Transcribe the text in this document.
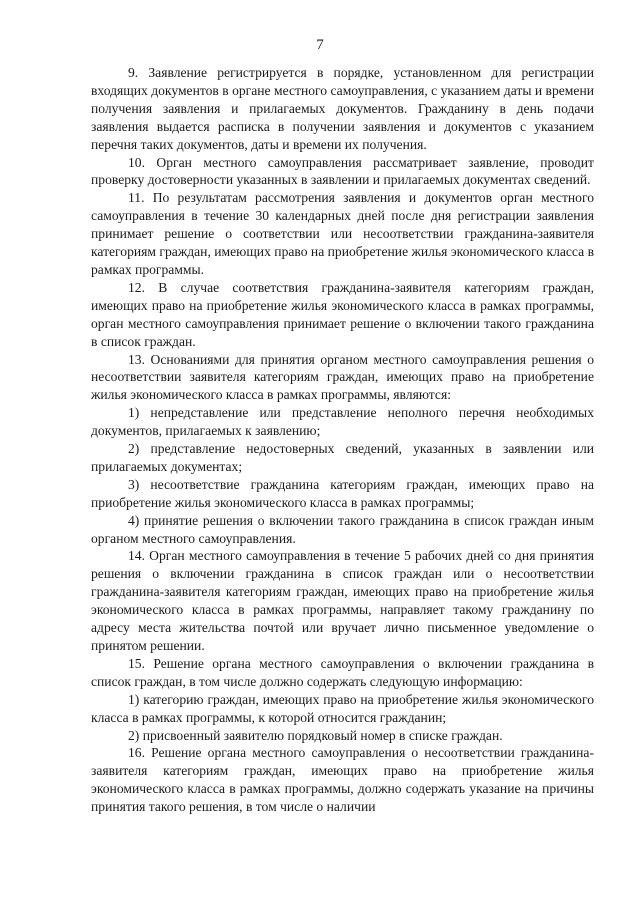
7

9. Заявление регистрируется в порядке, установленном для регистрации входящих документов в органе местного самоуправления, с указанием даты и времени получения заявления и прилагаемых документов. Гражданину в день подачи заявления выдается расписка в получении заявления и документов с указанием перечня таких документов, даты и времени их получения.

10. Орган местного самоуправления рассматривает заявление, проводит проверку достоверности указанных в заявлении и прилагаемых документах сведений.

11. По результатам рассмотрения заявления и документов орган местного самоуправления в течение 30 календарных дней после дня регистрации заявления принимает решение о соответствии или несоответствии гражданина-заявителя категориям граждан, имеющих право на приобретение жилья экономического класса в рамках программы.

12. В случае соответствия гражданина-заявителя категориям граждан, имеющих право на приобретение жилья экономического класса в рамках программы, орган местного самоуправления принимает решение о включении такого гражданина в список граждан.

13. Основаниями для принятия органом местного самоуправления решения о несоответствии заявителя категориям граждан, имеющих право на приобретение жилья экономического класса в рамках программы, являются:

1) непредставление или представление неполного перечня необходимых документов, прилагаемых к заявлению;

2) представление недостоверных сведений, указанных в заявлении или прилагаемых документах;

3) несоответствие гражданина категориям граждан, имеющих право на приобретение жилья экономического класса в рамках программы;

4) принятие решения о включении такого гражданина в список граждан иным органом местного самоуправления.

14. Орган местного самоуправления в течение 5 рабочих дней со дня принятия решения о включении гражданина в список граждан или о несоответствии гражданина-заявителя категориям граждан, имеющих право на приобретение жилья экономического класса в рамках программы, направляет такому гражданину по адресу места жительства почтой или вручает лично письменное уведомление о принятом решении.

15. Решение органа местного самоуправления о включении гражданина в список граждан, в том числе должно содержать следующую информацию:

1) категорию граждан, имеющих право на приобретение жилья экономического класса в рамках программы, к которой относится гражданин;

2) присвоенный заявителю порядковый номер в списке граждан.

16. Решение органа местного самоуправления о несоответствии гражданина-заявителя категориям граждан, имеющих право на приобретение жилья экономического класса в рамках программы, должно содержать указание на причины принятия такого решения, в том числе о наличии
